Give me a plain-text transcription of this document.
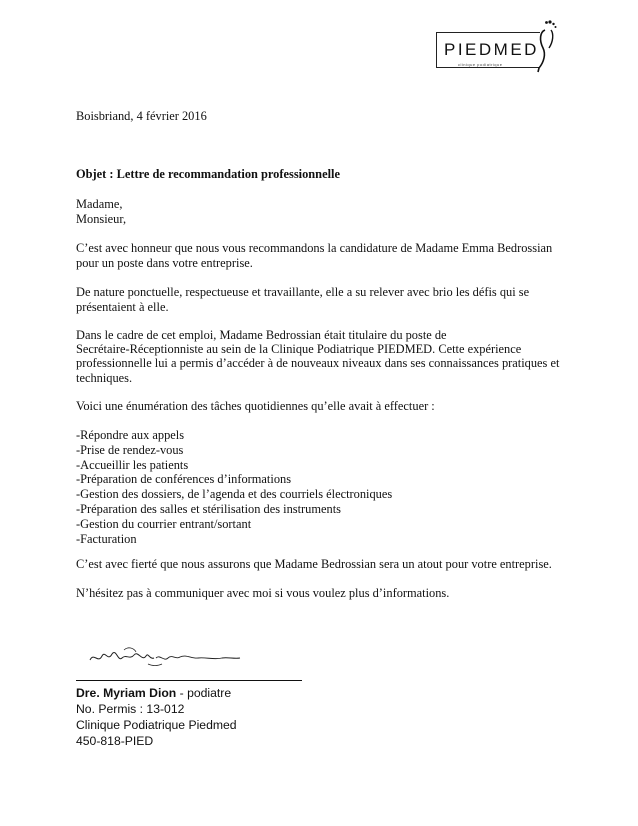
PIEDMED
clinique podiatrique

Boisbriand, 4 février 2016

Objet : Lettre de recommandation professionnelle

Madame,

Monsieur,

C’est avec honneur que nous vous recommandons la candidature de Madame Emma Bedrossian

pour un poste dans votre entreprise.

De nature ponctuelle, respectueuse et travaillante, elle a su relever avec brio les défis qui se

présentaient à elle.

Dans le cadre de cet emploi, Madame Bedrossian était titulaire du poste de

Secrétaire-Réceptionniste au sein de la Clinique Podiatrique PIEDMED. Cette expérience

professionnelle lui a permis d’accéder à de nouveaux niveaux dans ses connaissances pratiques et

techniques.

Voici une énumération des tâches quotidiennes qu’elle avait à effectuer :

-Répondre aux appels
-Prise de rendez-vous
-Accueillir les patients
-Préparation de conférences d’informations
-Gestion des dossiers, de l’agenda et des courriels électroniques
-Préparation des salles et stérilisation des instruments
-Gestion du courrier entrant/sortant
-Facturation

C’est avec fierté que nous assurons que Madame Bedrossian sera un atout pour votre entreprise.

N’hésitez pas à communiquer avec moi si vous voulez plus d’informations.

Dre. Myriam Dion - podiatre

No. Permis : 13-012

Clinique Podiatrique Piedmed

450-818-PIED
